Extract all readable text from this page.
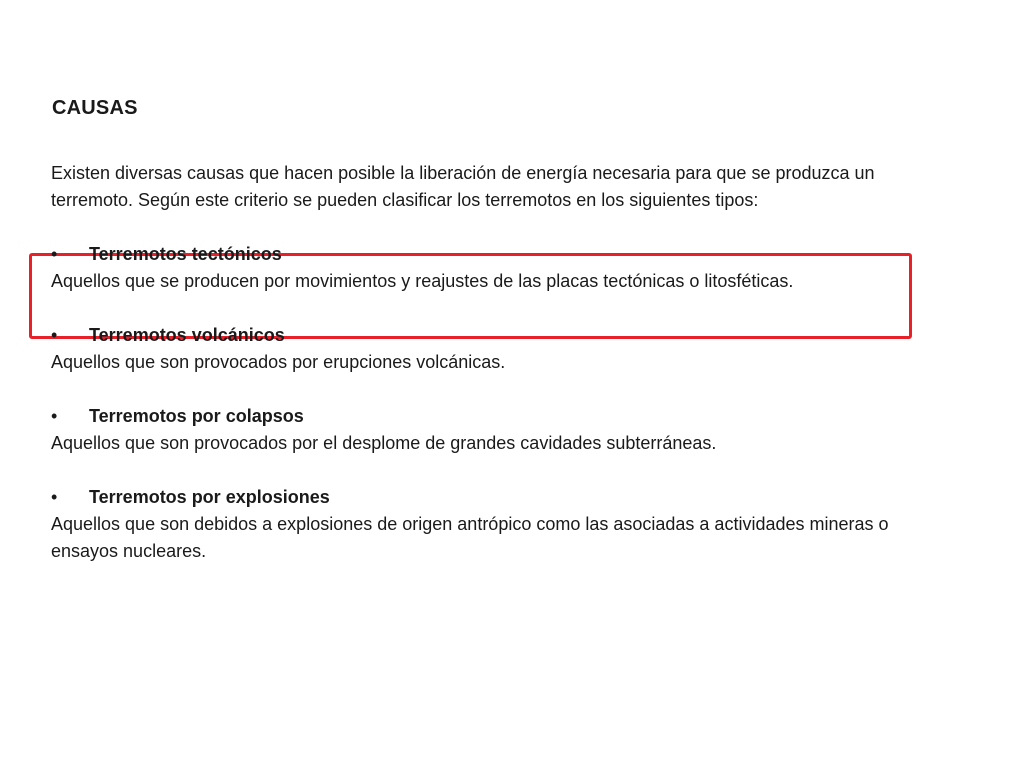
CAUSAS

Existen diversas causas que hacen posible la liberación de energía necesaria para que se produzca un terremoto. Según este criterio se pueden clasificar los terremotos en los siguientes tipos:

•	Terremotos tectónicos

Aquellos que se producen por movimientos y reajustes de las placas tectónicas o litosféticas.

•	Terremotos volcánicos

Aquellos que son provocados por erupciones volcánicas.

•	Terremotos por colapsos

Aquellos que son provocados por el desplome de grandes cavidades subterráneas.

•	Terremotos por explosiones

Aquellos que son debidos a explosiones de origen antrópico como las asociadas a actividades mineras o ensayos nucleares.
